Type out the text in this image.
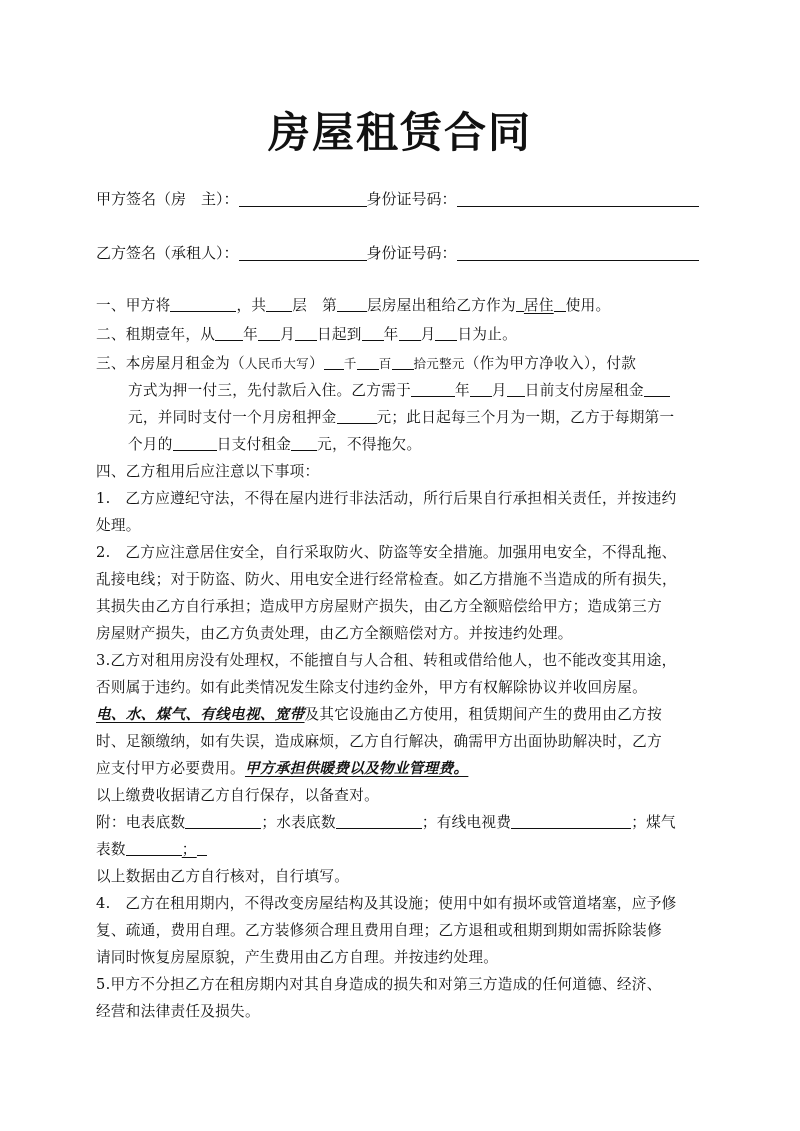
房屋租赁合同
甲方签名（房　主）：	身份证号码：
乙方签名（承租人）：	身份证号码：
一、甲方将	，共 层　第 层房屋出租给乙方作为 居住 使用。
二、租期壹年，从 年 月 日起到 年 月 日为止。
三、本房屋月租金为（人民币大写） 千 百 拾元整元（作为甲方净收入），付款
方式为押一付三，先付款后入住。乙方需于	年 月 日前支付房屋租金
元，并同时支付一个月房租押金	元；此日起每三个月为一期，乙方于每期第一
个月的	日支付租金 元，不得拖欠。
四、乙方租用后应注意以下事项：
1.　乙方应遵纪守法，不得在屋内进行非法活动，所行后果自行承担相关责任，并按违约
处理。
2.　乙方应注意居住安全，自行采取防火、防盗等安全措施。加强用电安全，不得乱拖、
乱接电线；对于防盗、防火、用电安全进行经常检查。如乙方措施不当造成的所有损失，
其损失由乙方自行承担；造成甲方房屋财产损失，由乙方全额赔偿给甲方；造成第三方
房屋财产损失，由乙方负责处理，由乙方全额赔偿对方。并按违约处理。
3.乙方对租用房没有处理权，不能擅自与人合租、转租或借给他人，也不能改变其用途，
否则属于违约。如有此类情况发生除支付违约金外，甲方有权解除协议并收回房屋。
电、水、煤气、有线电视、宽带及其它设施由乙方使用，租赁期间产生的费用由乙方按
时、足额缴纳，如有失误，造成麻烦，乙方自行解决，确需甲方出面协助解决时，乙方
应支付甲方必要费用。甲方承担供暖费以及物业管理费。
以上缴费收据请乙方自行保存，以备查对。
附：电表底数	；水表底数	；有线电视费	；煤气
表数	；
以上数据由乙方自行核对，自行填写。
4.　乙方在租用期内，不得改变房屋结构及其设施；使用中如有损坏或管道堵塞，应予修
复、疏通，费用自理。乙方装修须合理且费用自理；乙方退租或租期到期如需拆除装修
请同时恢复房屋原貌，产生费用由乙方自理。并按违约处理。
5.甲方不分担乙方在租房期内对其自身造成的损失和对第三方造成的任何道德、经济、
经营和法律责任及损失。
